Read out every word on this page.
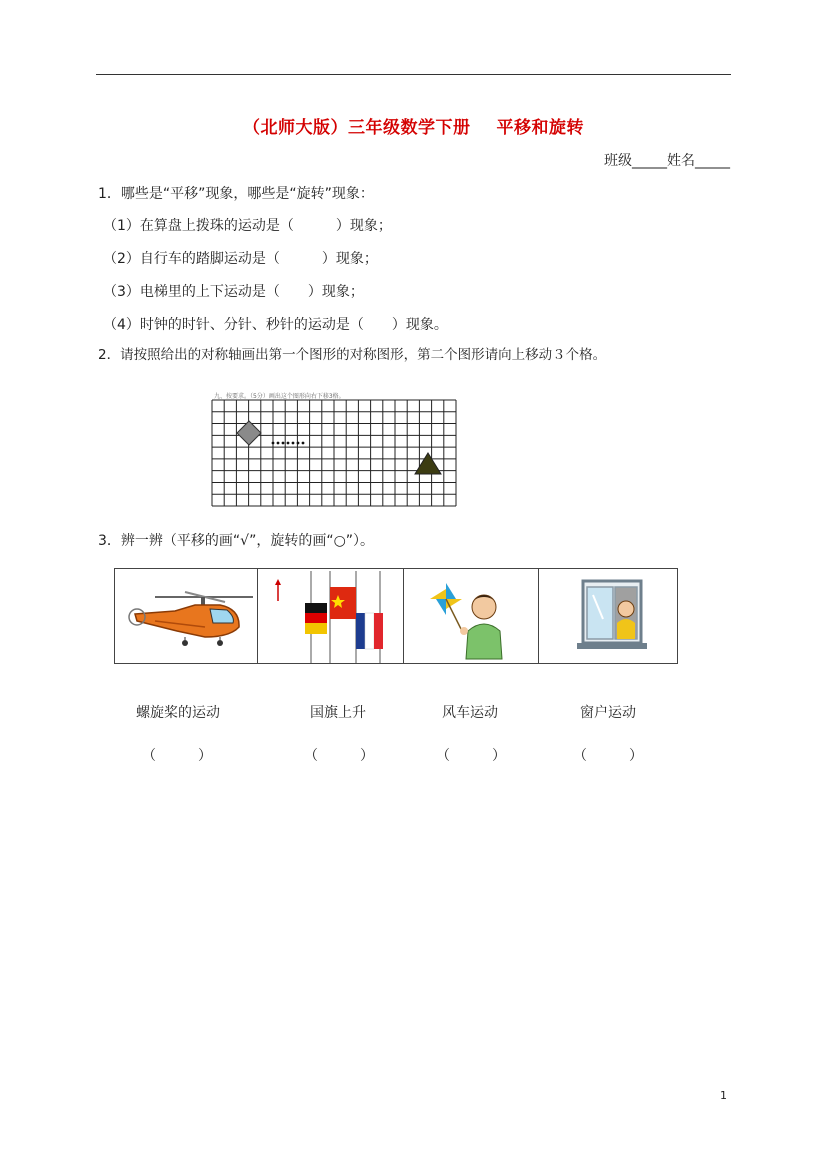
（北师大版）三年级数学下册 平移和旋转
班级_____姓名_____
1．哪些是“平移”现象，哪些是“旋转”现象：
（1）在算盘上拨珠的运动是（　　　）现象；
（2）自行车的踏脚运动是（　　　）现象；
（3）电梯里的上下运动是（　　）现象；
（4）时钟的时针、分针、秒针的运动是（　　）现象。
2．请按照给出的对称轴画出第一个图形的对称图形，第二个图形请向上移动３个格。
九、按要求。（5分）画出这个图形向右下移3格。
3．辨一辨（平移的画“√”，旋转的画“○”）。
螺旋桨的运动	国旗上升	风车运动	窗户运动
（　　　）	（　　　）	（　　　）	（　　　）
1
